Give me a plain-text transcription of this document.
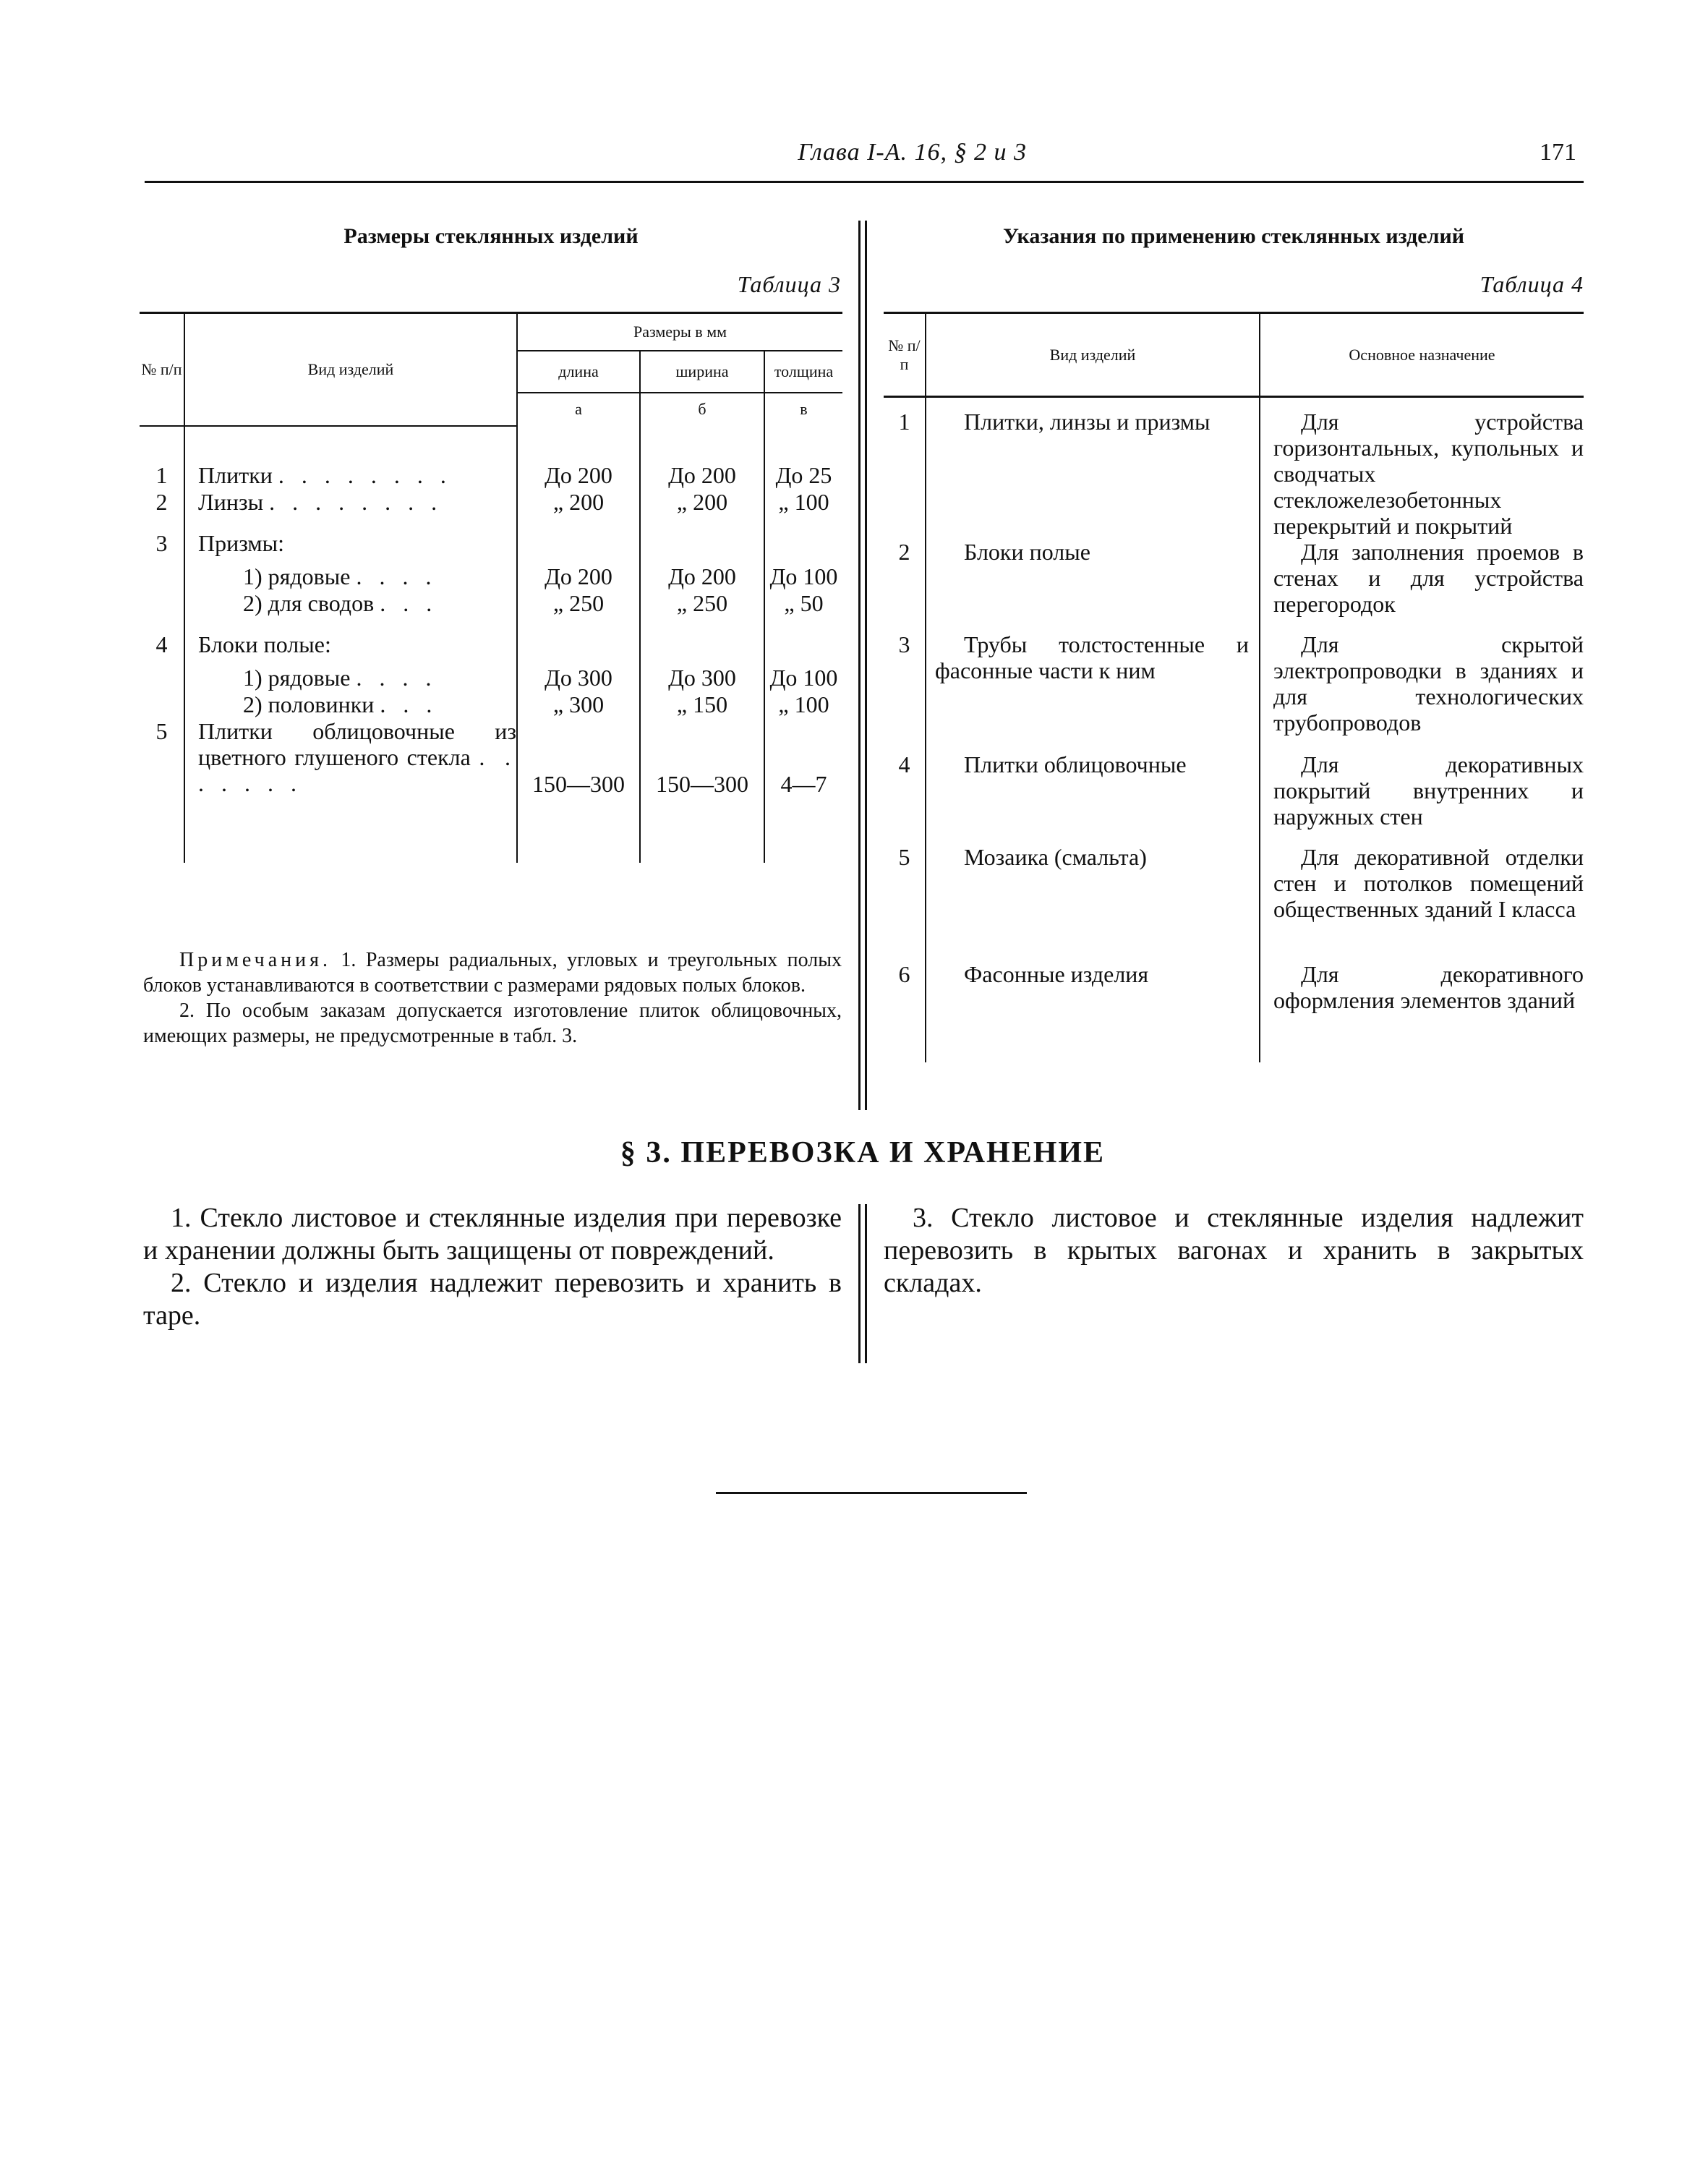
Глава I-А. 16, § 2 и 3	171
Размеры стеклянных изделий
Таблица 3
№ п/п	Вид изделий	Размеры в мм		
		длина	ширина	толщина
		а	б	в

1	Плитки . . . . . . . .	До 200	До 200	До 25
2	Линзы . . . . . . . .	„ 200	„ 200	„ 100

3	Призмы:			
	1) рядовые . . . .	До 200	До 200	До 100
	2) для сводов . . .	„ 250	„ 250	„ 50

4	Блоки полые:			
	1) рядовые . . . .	До 300	До 300	До 100
	2) половинки . . .	„ 300	„ 150	„ 100
5	Плитки облицовочные из цветного глушеного стекла . . . . . . .	150—300	150—300	4—7

Примечания. 1. Размеры радиальных, угловых и треугольных полых блоков устанавливаются в соответствии с размерами рядовых полых блоков.
2. По особым заказам допускается изготовление плиток облицовочных, имеющих размеры, не предусмотренные в табл. 3.
Указания по применению стеклянных изделий
Таблица 4
№ п/п	Вид изделий	Основное назначение

1	Плитки, линзы и призмы	Для устройства горизонтальных, купольных и сводчатых стекложелезобетонных перекрытий и покрытий
2	Блоки полые	Для заполнения проемов в стенах и для устройства перегородок
3	Трубы толстостенные и фасонные части к ним	Для скрытой электропроводки в зданиях и для технологических трубопроводов
4	Плитки облицовочные	Для декоративных покрытий внутренних и наружных стен
5	Мозаика (смальта)	Для декоративной отделки стен и потолков помещений общественных зданий I класса
6	Фасонные изделия	Для декоративного оформления элементов зданий
§ 3. ПЕРЕВОЗКА И ХРАНЕНИЕ
1. Стекло листовое и стеклянные изделия при перевозке и хранении должны быть защищены от повреждений.
2. Стекло и изделия надлежит перевозить и хранить в таре.
3. Стекло листовое и стеклянные изделия надлежит перевозить в крытых вагонах и хранить в закрытых складах.
